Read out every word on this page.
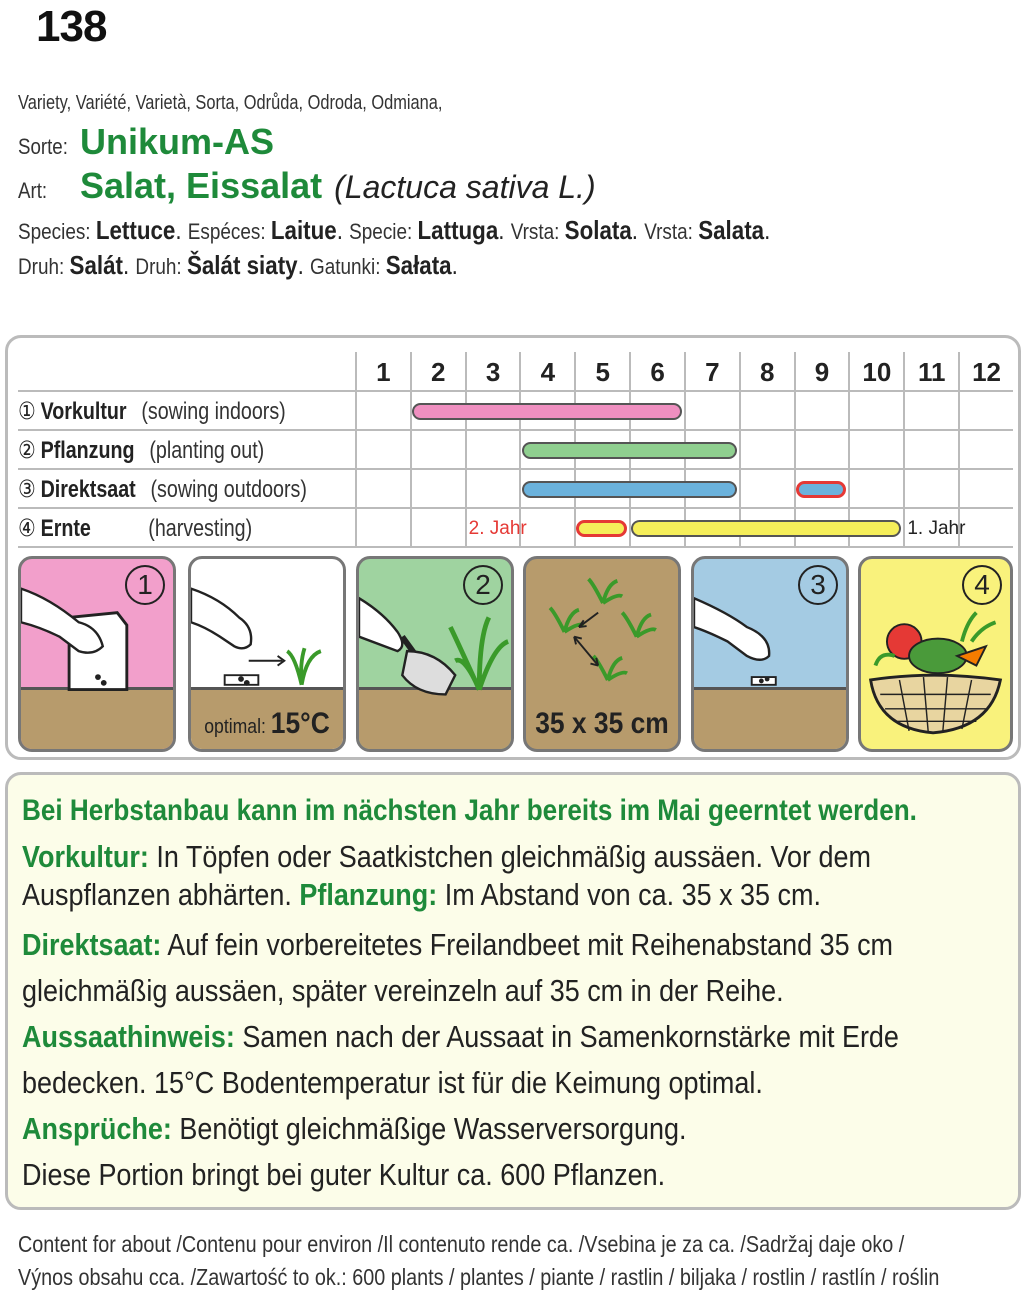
138
Variety, Variété, Varietà, Sorta, Odrůda, Odroda, Odmiana,
Sorte: Unikum-AS
Art: Salat, Eissalat (Lactuca sativa L.)
Species: Lettuce. Espéces: Laitue. Specie: Lattuga. Vrsta: Solata. Vrsta: Salata.
Druh: Salát. Druh: Šalát siaty. Gatunki: Sałata.
1	2	3	4	5	6	7	8	9	10	11	12
① Vorkultur (sowing indoors)
② Pflanzung (planting out)
③ Direktsaat (sowing outdoors)
④ Ernte (harvesting)	2. Jahr	1. Jahr
1
optimal: 15°C
2
35 x 35 cm
3	4

Bei Herbstanbau kann im nächsten Jahr bereits im Mai geerntet werden.

Vorkultur: In Töpfen oder Saatkistchen gleichmäßig aussäen. Vor dem

Auspflanzen abhärten. Pflanzung: Im Abstand von ca. 35 x 35 cm.

Direktsaat: Auf fein vorbereitetes Freilandbeet mit Reihenabstand 35 cm

gleichmäßig aussäen, später vereinzeln auf 35 cm in der Reihe.

Aussaathinweis: Samen nach der Aussaat in Samenkornstärke mit Erde

bedecken. 15°C Bodentemperatur ist für die Keimung optimal.

Ansprüche: Benötigt gleichmäßige Wasserversorgung.

Diese Portion bringt bei guter Kultur ca. 600 Pflanzen.

Content for about /Contenu pour environ /Il contenuto rende ca. /Vsebina je za ca. /Sadržaj daje oko /
Výnos obsahu cca. /Zawartość to ok.: 600 plants / plantes / piante / rastlin / biljaka / rostlin / rastlín / roślin
